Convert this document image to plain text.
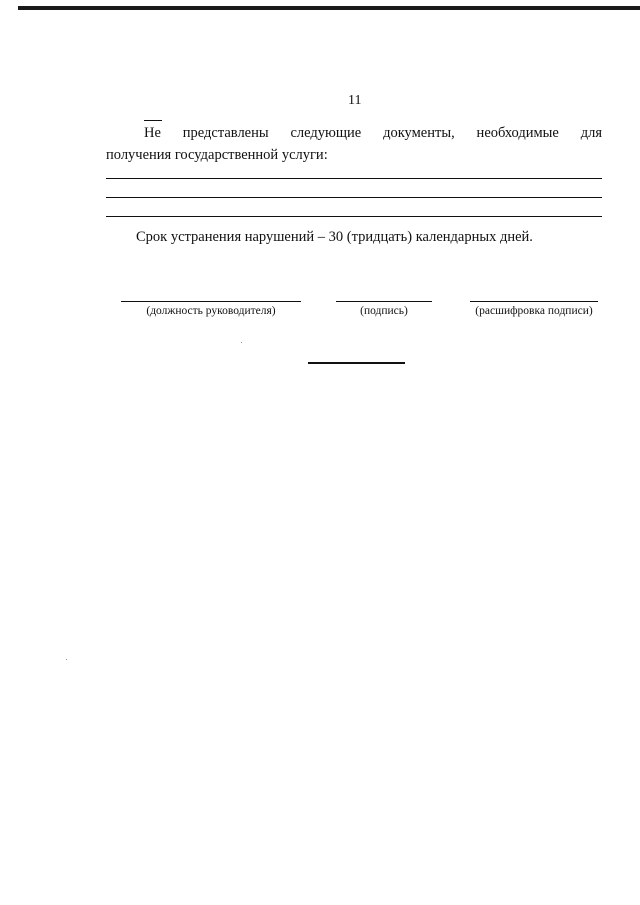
11
Не представлены следующие документы, необходимые для
получения государственной услуги:
Срок устранения нарушений – 30 (тридцать) календарных дней.
(должность руководителя)	(подпись)	(расшифровка подписи)
